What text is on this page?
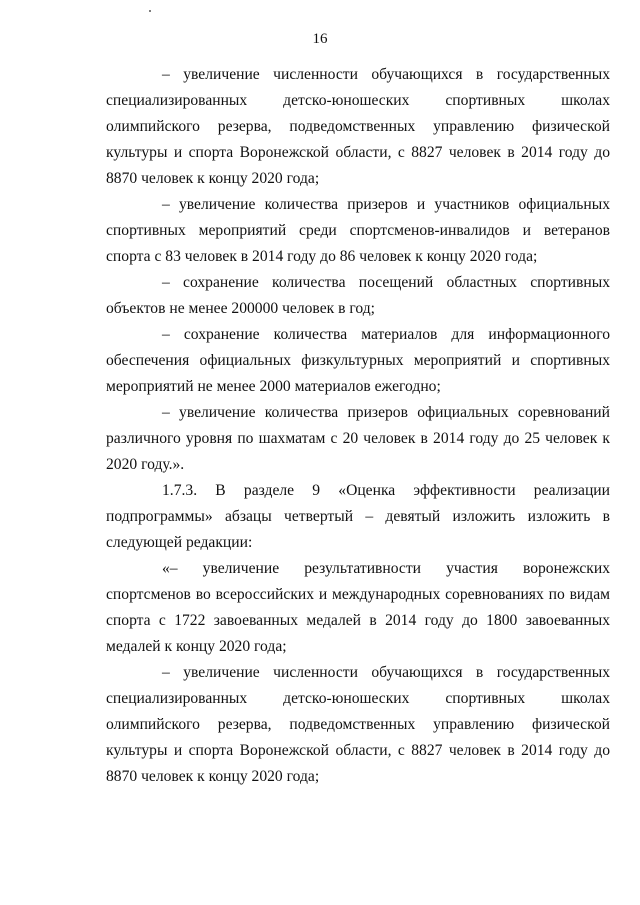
16

– увеличение численности обучающихся в государственных специализированных детско-юношеских спортивных школах олимпийского резерва, подведомственных управлению физической культуры и спорта Воронежской области, с 8827 человек в 2014 году до 8870 человек к концу 2020 года;

– увеличение количества призеров и участников официальных спортивных мероприятий среди спортсменов-инвалидов и ветеранов спорта с 83 человек в 2014 году до 86 человек к концу 2020 года;

– сохранение количества посещений областных спортивных объектов не менее 200000 человек в год;

– сохранение количества материалов для информационного обеспечения официальных физкультурных мероприятий и спортивных мероприятий не менее 2000 материалов ежегодно;

– увеличение количества призеров официальных соревнований различного уровня по шахматам с 20 человек в 2014 году до 25 человек к 2020 году.».

1.7.3. В разделе 9 «Оценка эффективности реализации подпрограммы» абзацы четвертый – девятый изложить изложить в следующей редакции:

«– увеличение результативности участия воронежских спортсменов во всероссийских и международных соревнованиях по видам спорта с 1722 завоеванных медалей в 2014 году до 1800 завоеванных медалей к концу 2020 года;

– увеличение численности обучающихся в государственных специализированных детско-юношеских спортивных школах олимпийского резерва, подведомственных управлению физической культуры и спорта Воронежской области, с 8827 человек в 2014 году до 8870 человек к концу 2020 года;
